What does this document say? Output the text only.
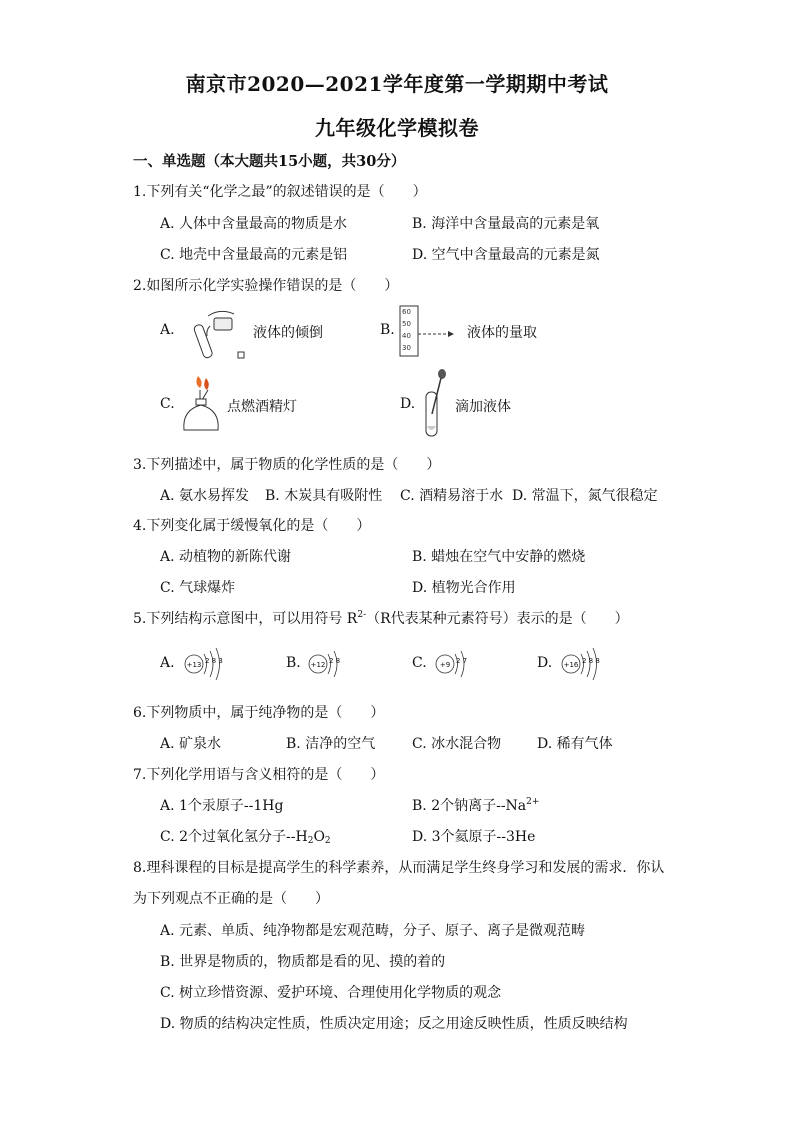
南京市2020—2021学年度第一学期期中考试
九年级化学模拟卷
一、单选题（本大题共15小题，共30分）
1.下列有关“化学之最”的叙述错误的是（　　）
A. 人体中含量最高的物质是水	B. 海洋中含量最高的元素是氧
C. 地壳中含量最高的元素是铝	D. 空气中含量最高的元素是氮
2.如图所示化学实验操作错误的是（　　）
A.	液体的倾倒	B.
60
50
40
30
液体的量取
C.	点燃酒精灯	D.	滴加液体
3.下列描述中，属于物质的化学性质的是（　　）
A. 氨水易挥发 B. 木炭具有吸附性 C. 酒精易溶于水 D. 常温下，氮气很稳定
4.下列变化属于缓慢氧化的是（　　）
A. 动植物的新陈代谢	B. 蜡烛在空气中安静的燃烧
C. 气球爆炸	D. 植物光合作用
5.下列结构示意图中，可以用符号 $R^{2-}(R$代表某种元素符号）表示的是（　　）
A. +13 2 8 3	B. +12 2 8	C. +9 2 7	D. +16 2 8 8
6.下列物质中，属于纯净物的是（　　）
A. 矿泉水	B. 洁净的空气	C. 冰水混合物	D. 稀有气体
7.下列化学用语与含义相符的是（　　）
A. 1个汞原子--1Hg	B. 2个钠离子$--Na^{2+}$
C. 2个过氧化氢分子$--H_2O_2$	D. 3个氦原子--3He
8.理科课程的目标是提高学生的科学素养，从而满足学生终身学习和发展的需求．你认
为下列观点不正确的是（　　）
A. 元素、单质、纯净物都是宏观范畴，分子、原子、离子是微观范畴
B. 世界是物质的，物质都是看的见、摸的着的
C. 树立珍惜资源、爱护环境、合理使用化学物质的观念
D. 物质的结构决定性质，性质决定用途；反之用途反映性质，性质反映结构
